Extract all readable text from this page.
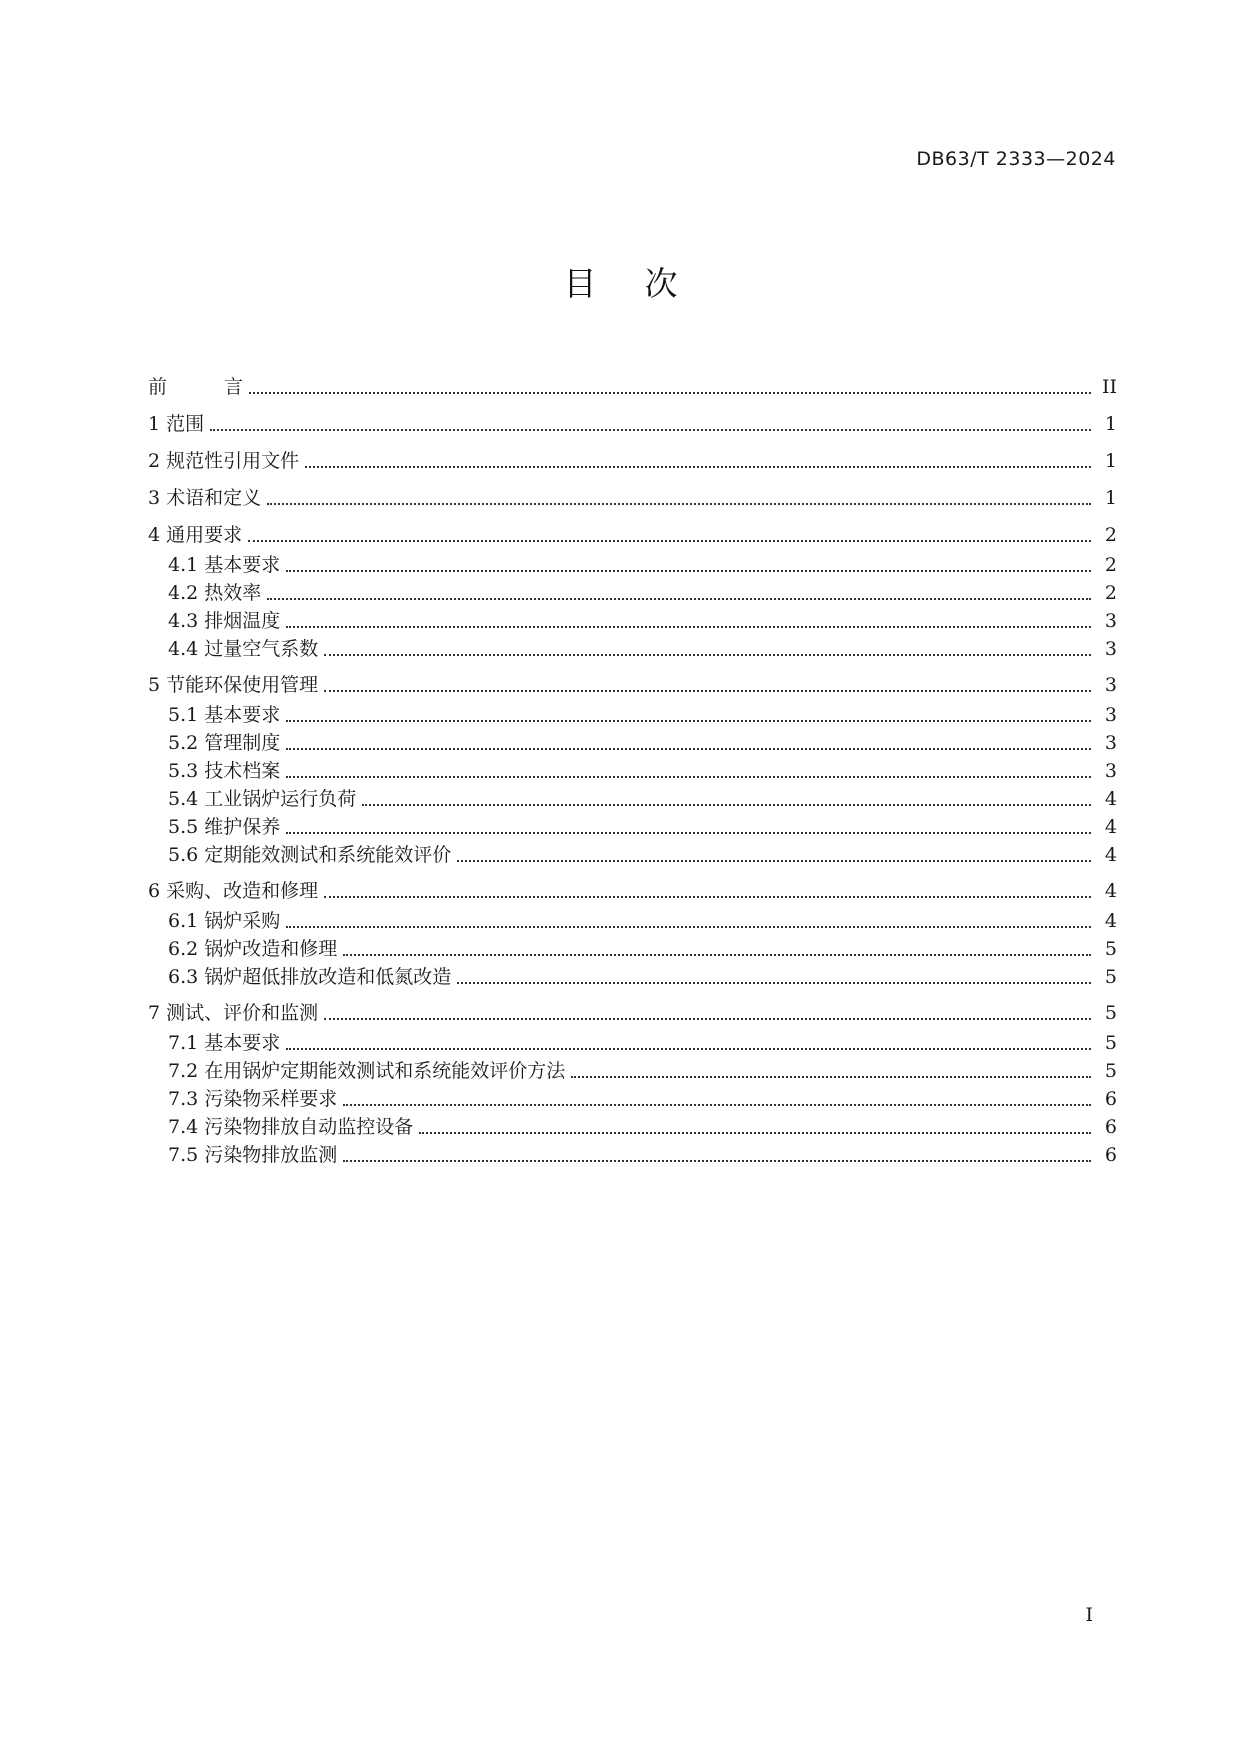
DB63/T 2333—2024
目次
前　　　言	II
1 范围	1
2 规范性引用文件	1
3 术语和定义	1
4 通用要求	2
4.1 基本要求	2
4.2 热效率	2
4.3 排烟温度	3
4.4 过量空气系数	3
5 节能环保使用管理	3
5.1 基本要求	3
5.2 管理制度	3
5.3 技术档案	3
5.4 工业锅炉运行负荷	4
5.5 维护保养	4
5.6 定期能效测试和系统能效评价	4
6 采购、改造和修理	4
6.1 锅炉采购	4
6.2 锅炉改造和修理	5
6.3 锅炉超低排放改造和低氮改造	5
7 测试、评价和监测	5
7.1 基本要求	5
7.2 在用锅炉定期能效测试和系统能效评价方法	5
7.3 污染物采样要求	6
7.4 污染物排放自动监控设备	6
7.5 污染物排放监测	6
I
